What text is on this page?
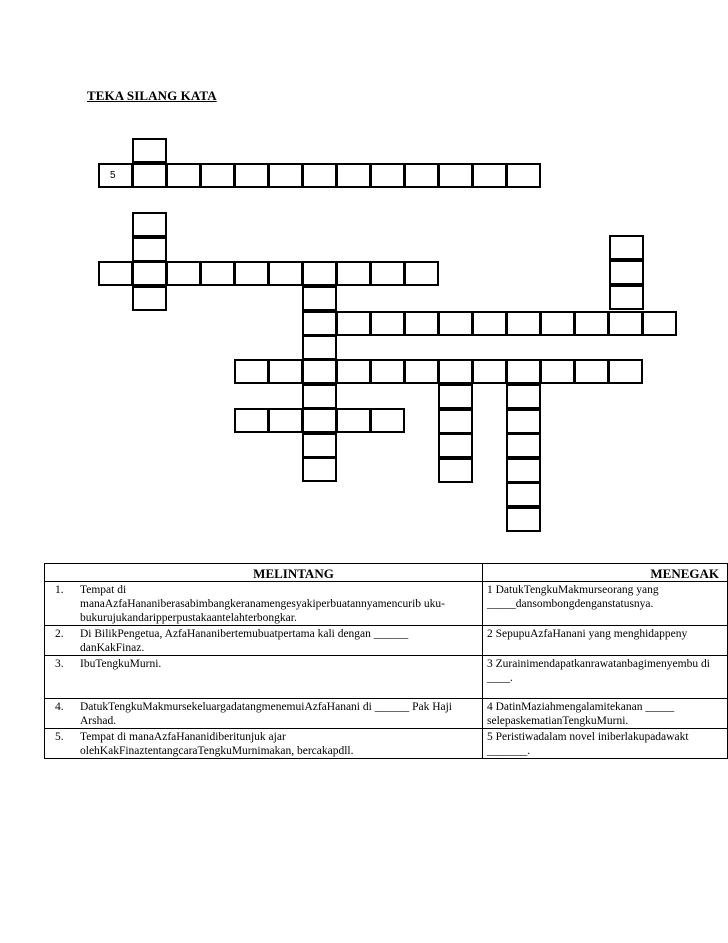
TEKA SILANG KATA
5
MELINTANG	MENEGAK

1. Tempat di manaAzfaHananiberasabimbangkeranamengesyakiperbuatannyamencurib uku-bukurujukandaripperpustakaantelahterbongkar.	1 DatukTengkuMakmurseorang yang _____dansombongdenganstatusnya.

2. Di BilikPengetua, AzfaHananibertemubuatpertama kali dengan ______ danKakFinaz.	2 SepupuAzfaHanani yang menghidappeny

3. IbuTengkuMurni.	3 Zurainimendapatkanrawatanbagimenyembu di ____.

4. DatukTengkuMakmursekeluargadatangmenemuiAzfaHanani di ______ Pak Haji Arshad.	4 DatinMaziahmengalamitekanan _____ selepaskematianTengkuMurni.

5. Tempat di manaAzfaHananidiberitunjuk ajar olehKakFinaztentangcaraTengkuMurnimakan, bercakapdll.	5 Peristiwadalam novel iniberlakupadawakt _______.
